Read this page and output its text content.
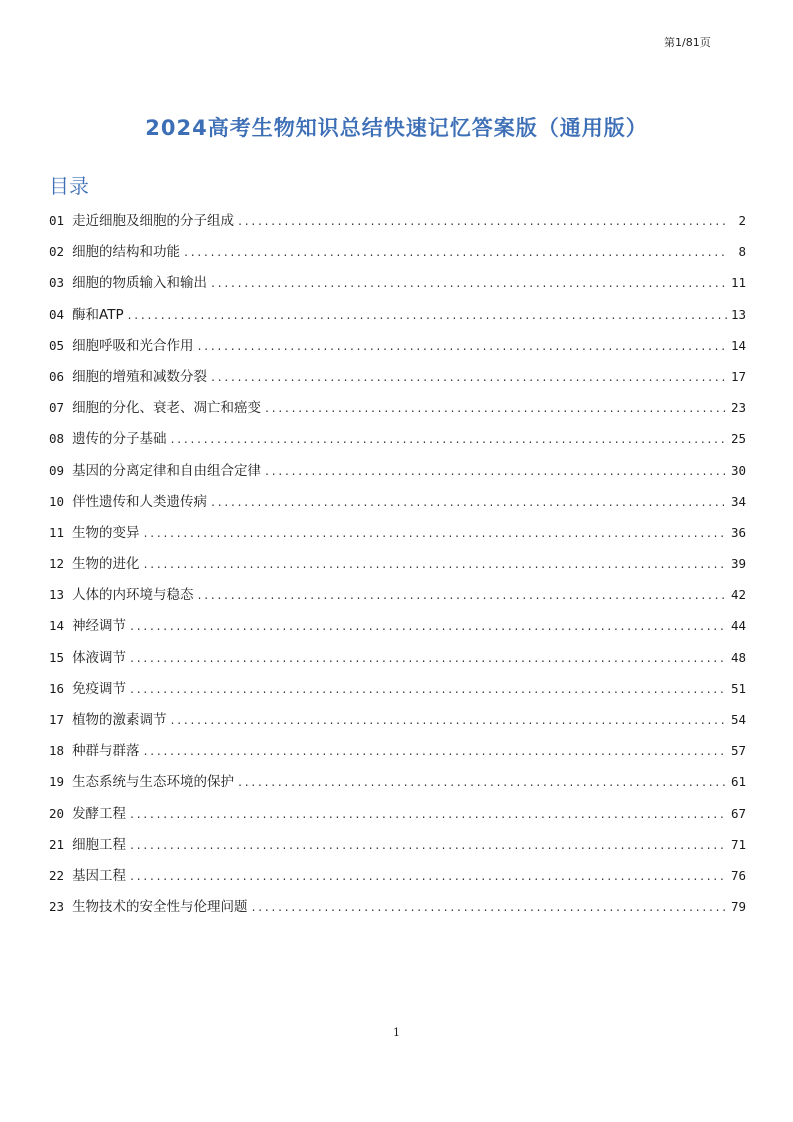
第1/81页
2024高考生物知识总结快速记忆答案版（通用版）
目录
01 走近细胞及细胞的分子组成 . . .	2
02 细胞的结构和功能 . . .	8
03 细胞的物质输入和输出 . . .	11
04 酶和ATP . . .	13
05 细胞呼吸和光合作用 . . .	14
06 细胞的增殖和减数分裂 . . .	17
07 细胞的分化、衰老、凋亡和癌变 . . .	23
08 遗传的分子基础 . . .	25
09 基因的分离定律和自由组合定律 . . .	30
10 伴性遗传和人类遗传病 . . .	34
11 生物的变异 . . .	36
12 生物的进化 . . .	39
13 人体的内环境与稳态 . . .	42
14 神经调节 . . .	44
15 体液调节 . . .	48
16 免疫调节 . . .	51
17 植物的激素调节 . . .	54
18 种群与群落 . . .	57
19 生态系统与生态环境的保护 . . .	61
20 发酵工程 . . .	67
21 细胞工程 . . .	71
22 基因工程 . . .	76
23 生物技术的安全性与伦理问题 . . .	79
1
